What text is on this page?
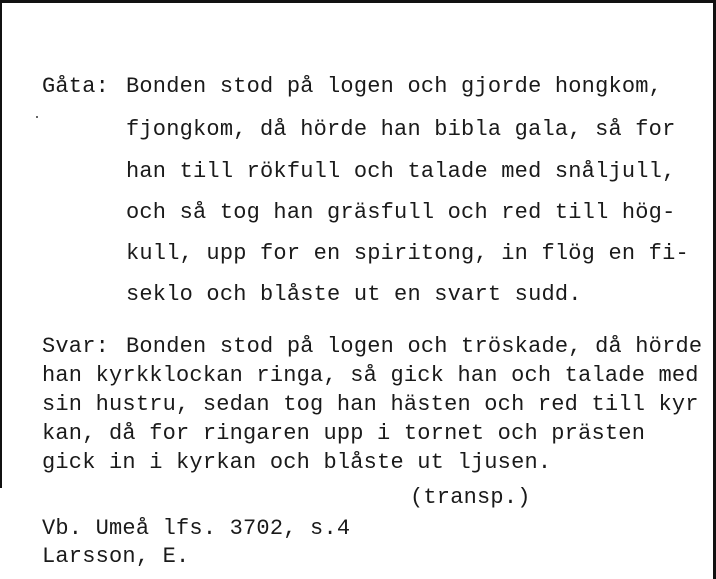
Gåta: Bonden stod på logen och gjorde hongkom,
fjongkom, då hörde han bibla gala, så for
han till rökfull och talade med snåljull,
och så tog han gräsfull och red till hög-
kull, upp for en spiritong, in flög en fi-
seklo och blåste ut en svart sudd.
Svar: Bonden stod på logen och tröskade, då hörde
han kyrkklockan ringa, så gick han och talade med
sin hustru, sedan tog han hästen och red till kyr
kan, då for ringaren upp i tornet och prästen
gick in i kyrkan och blåste ut ljusen.
(transp.)
Vb. Umeå lfs. 3702, s.4
Larsson, E.
